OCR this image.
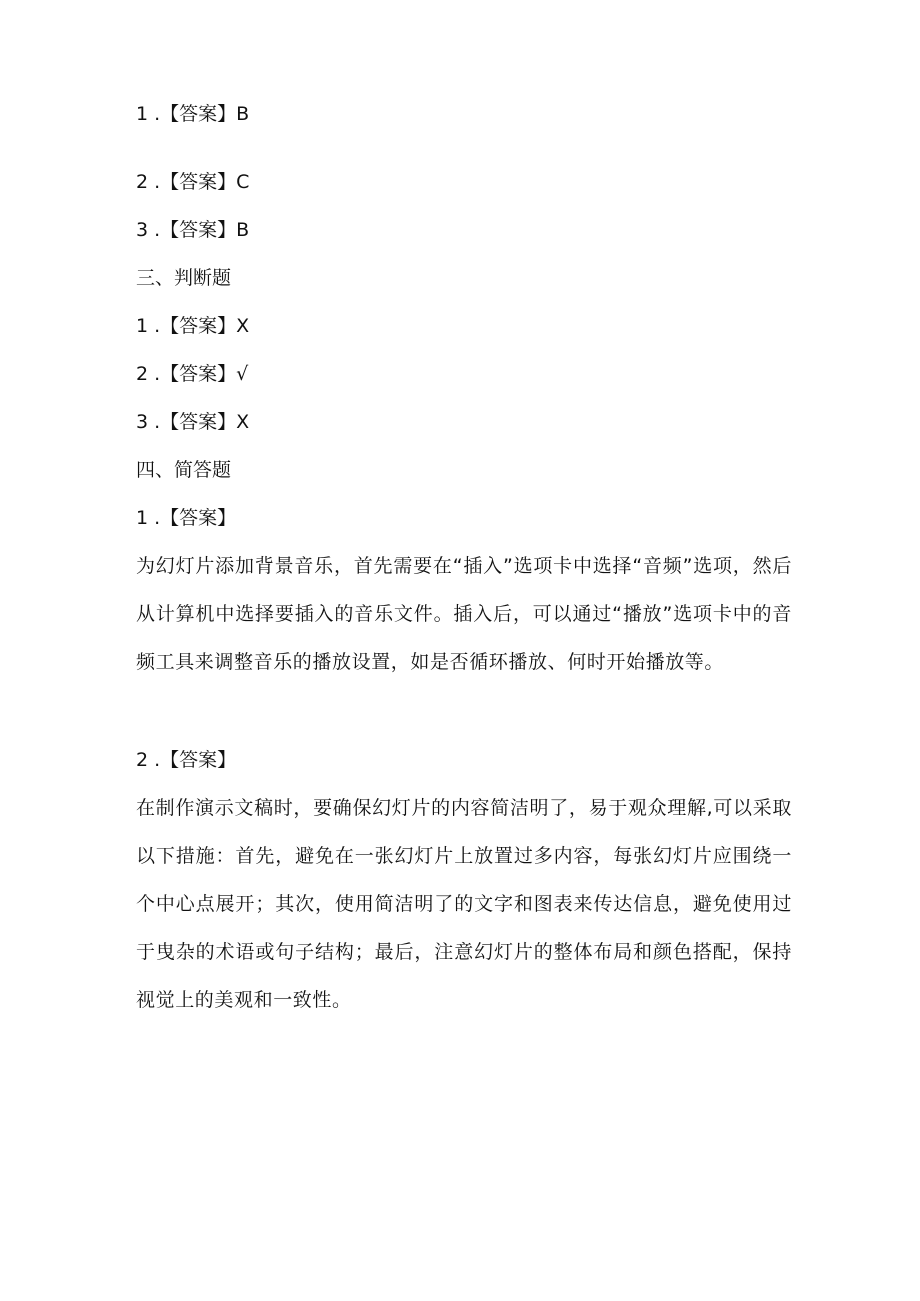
1 .【答案】B
2 .【答案】C
3 .【答案】B
三、判断题
1 .【答案】X
2 .【答案】√
3 .【答案】X
四、简答题
1 .【答案】
为幻灯片添加背景音乐，首先需要在“插入”选项卡中选择“音频”选项，然后从计算机中选择要插入的音乐文件。插入后，可以通过“播放”选项卡中的音频工具来调整音乐的播放设置，如是否循环播放、何时开始播放等。
2 .【答案】
在制作演示文稿时，要确保幻灯片的内容简洁明了，易于观众理解,可以采取以下措施：首先，避免在一张幻灯片上放置过多内容，每张幻灯片应围绕一个中心点展开；其次，使用简洁明了的文字和图表来传达信息，避免使用过于曳杂的术语或句子结构；最后，注意幻灯片的整体布局和颜色搭配，保持视觉上的美观和一致性。
